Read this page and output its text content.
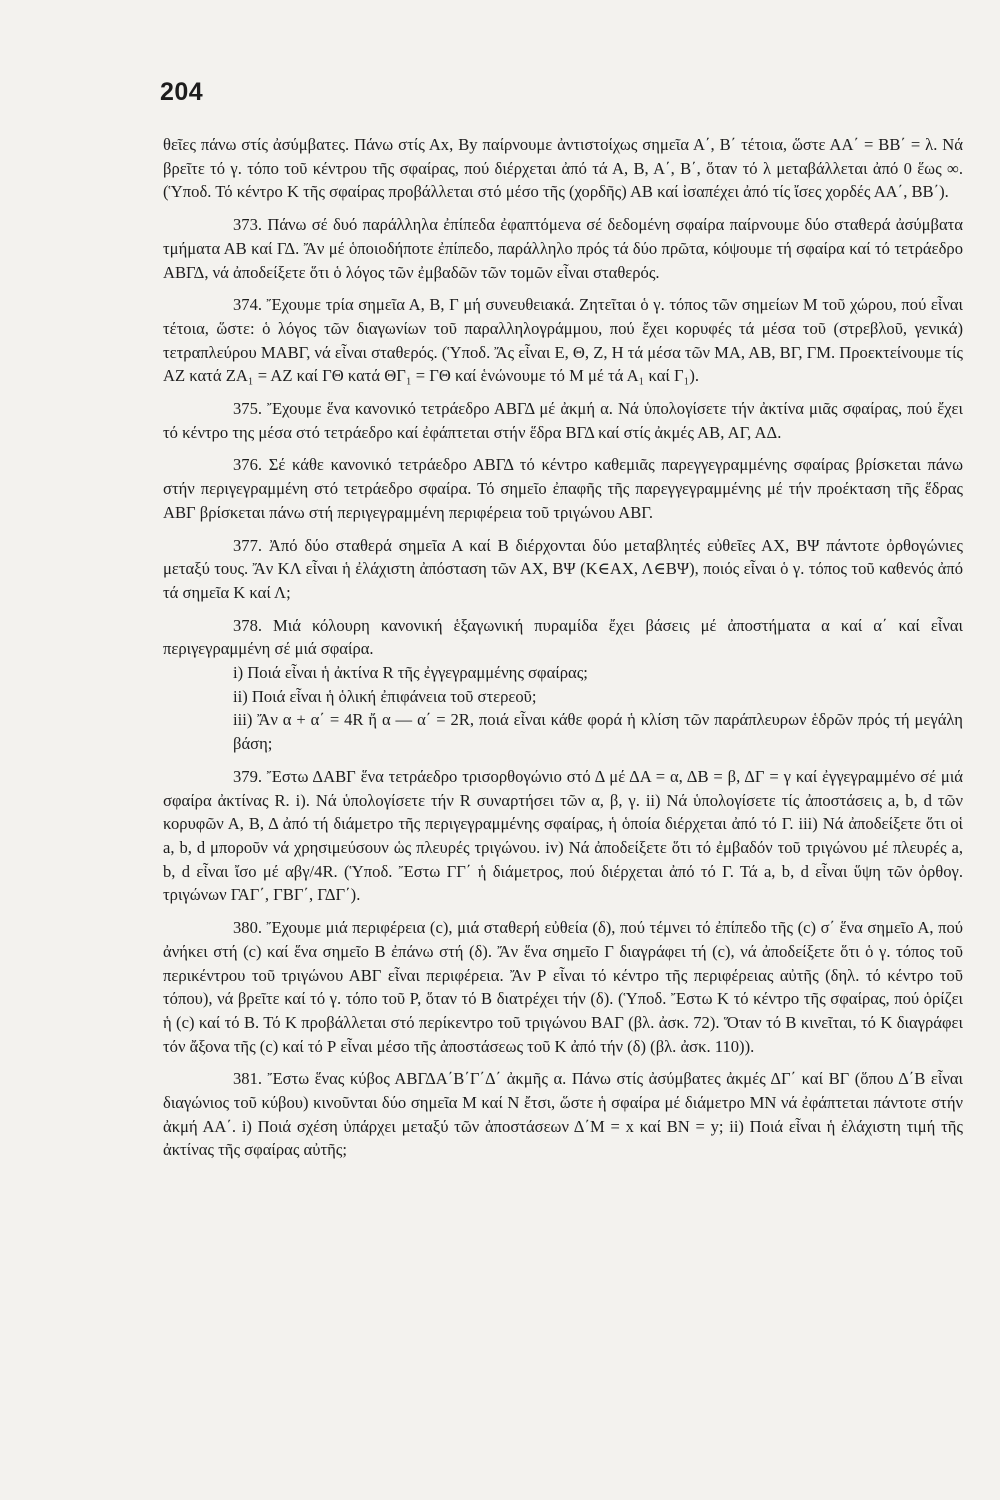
204

θεῖες πάνω στίς ἀσύμβατες. Πάνω στίς Αx, Βy παίρνουμε ἀντιστοίχως σημεῖα Α΄, Β΄ τέτοια, ὥστε ΑΑ΄ = ΒΒ΄ = λ. Νά βρεῖτε τό γ. τόπο τοῦ κέντρου τῆς σφαίρας, πού διέρχεται ἀπό τά Α, Β, Α΄, Β΄, ὅταν τό λ μεταβάλλεται ἀπό 0 ἕως ∞. (Ὑποδ. Τό κέντρο Κ τῆς σφαίρας προβάλλεται στό μέσο τῆς (χορδῆς) ΑΒ καί ἰσαπέχει ἀπό τίς ἴσες χορδές ΑΑ΄, ΒΒ΄).

373. Πάνω σέ δυό παράλληλα ἐπίπεδα ἐφαπτόμενα σέ δεδομένη σφαίρα παίρνουμε δύο σταθερά ἀσύμβατα τμήματα ΑΒ καί ΓΔ. Ἄν μέ ὁποιοδήποτε ἐπίπεδο, παράλληλο πρός τά δύο πρῶτα, κόψουμε τή σφαίρα καί τό τετράεδρο ΑΒΓΔ, νά ἀποδείξετε ὅτι ὁ λόγος τῶν ἐμβαδῶν τῶν τομῶν εἶναι σταθερός.

374. Ἔχουμε τρία σημεῖα Α, Β, Γ μή συνευθειακά. Ζητεῖται ὁ γ. τόπος τῶν σημείων Μ τοῦ χώρου, πού εἶναι τέτοια, ὥστε: ὁ λόγος τῶν διαγωνίων τοῦ παραλληλογράμμου, πού ἔχει κορυφές τά μέσα τοῦ (στρεβλοῦ, γενικά) τετραπλεύρου ΜΑΒΓ, νά εἶναι σταθερός. (Ὑποδ. Ἄς εἶναι Ε, Θ, Ζ, Η τά μέσα τῶν ΜΑ, ΑΒ, ΒΓ, ΓΜ. Προεκτείνουμε τίς ΑΖ κατά ΖΑ₁ = ΑΖ καί ΓΘ κατά ΘΓ₁ = ΓΘ καί ἑνώνουμε τό Μ μέ τά Α₁ καί Γ₁).

375. Ἔχουμε ἕνα κανονικό τετράεδρο ΑΒΓΔ μέ ἀκμή α. Νά ὑπολογίσετε τήν ἀκτίνα μιᾶς σφαίρας, πού ἔχει τό κέντρο της μέσα στό τετράεδρο καί ἐφάπτεται στήν ἕδρα ΒΓΔ καί στίς ἀκμές ΑΒ, ΑΓ, ΑΔ.

376. Σέ κάθε κανονικό τετράεδρο ΑΒΓΔ τό κέντρο καθεμιᾶς παρεγγεγραμμένης σφαίρας βρίσκεται πάνω στήν περιγεγραμμένη στό τετράεδρο σφαίρα. Τό σημεῖο ἐπαφῆς τῆς παρεγγεγραμμένης μέ τήν προέκταση τῆς ἕδρας ΑΒΓ βρίσκεται πάνω στή περιγεγραμμένη περιφέρεια τοῦ τριγώνου ΑΒΓ.

377. Ἀπό δύο σταθερά σημεῖα Α καί Β διέρχονται δύο μεταβλητές εὐθεῖες ΑΧ, ΒΨ πάντοτε ὀρθογώνιες μεταξύ τους. Ἄν ΚΛ εἶναι ἡ ἐλάχιστη ἀπόσταση τῶν ΑΧ, ΒΨ (Κ∈ΑΧ, Λ∈ΒΨ), ποιός εἶναι ὁ γ. τόπος τοῦ καθενός ἀπό τά σημεῖα Κ καί Λ;

378. Μιά κόλουρη κανονική ἑξαγωνική πυραμίδα ἔχει βάσεις μέ ἀποστήματα α καί α΄ καί εἶναι περιγεγραμμένη σέ μιά σφαίρα.

i) Ποιά εἶναι ἡ ἀκτίνα R τῆς ἐγγεγραμμένης σφαίρας;
ii) Ποιά εἶναι ἡ ὁλική ἐπιφάνεια τοῦ στερεοῦ;
iii) Ἄν α + α΄ = 4R ἤ α — α΄ = 2R, ποιά εἶναι κάθε φορά ἡ κλίση τῶν παράπλευρων ἑδρῶν πρός τή μεγάλη βάση;

379. Ἔστω ΔΑΒΓ ἕνα τετράεδρο τρισορθογώνιο στό Δ μέ ΔΑ = α, ΔΒ = β, ΔΓ = γ καί ἐγγεγραμμένο σέ μιά σφαίρα ἀκτίνας R. i). Νά ὑπολογίσετε τήν R συναρτήσει τῶν α, β, γ. ii) Νά ὑπολογίσετε τίς ἀποστάσεις a, b, d τῶν κορυφῶν Α, Β, Δ ἀπό τή διάμετρο τῆς περιγεγραμμένης σφαίρας, ἡ ὁποία διέρχεται ἀπό τό Γ. iii) Νά ἀποδείξετε ὅτι οἱ a, b, d μποροῦν νά χρησιμεύσουν ὡς πλευρές τριγώνου. iv) Νά ἀποδείξετε ὅτι τό ἐμβαδόν τοῦ τριγώνου μέ πλευρές a, b, d εἶναι ἴσο μέ αβγ/4R. (Ὑποδ. Ἔστω ΓΓ΄ ἡ διάμετρος, πού διέρχεται ἀπό τό Γ. Τά a, b, d εἶναι ὕψη τῶν ὀρθογ. τριγώνων ΓΑΓ΄, ΓΒΓ΄, ΓΔΓ΄).

380. Ἔχουμε μιά περιφέρεια (c), μιά σταθερή εὐθεία (δ), πού τέμνει τό ἐπίπεδο τῆς (c) σ΄ ἕνα σημεῖο Α, πού ἀνήκει στή (c) καί ἕνα σημεῖο Β ἐπάνω στή (δ). Ἄν ἕνα σημεῖο Γ διαγράφει τή (c), νά ἀποδείξετε ὅτι ὁ γ. τόπος τοῦ περικέντρου τοῦ τριγώνου ΑΒΓ εἶναι περιφέρεια. Ἄν Ρ εἶναι τό κέντρο τῆς περιφέρειας αὐτῆς (δηλ. τό κέντρο τοῦ τόπου), νά βρεῖτε καί τό γ. τόπο τοῦ Ρ, ὅταν τό Β διατρέχει τήν (δ). (Ὑποδ. Ἔστω Κ τό κέντρο τῆς σφαίρας, πού ὁρίζει ἡ (c) καί τό Β. Τό Κ προβάλλεται στό περίκεντρο τοῦ τριγώνου ΒΑΓ (βλ. ἀσκ. 72). Ὅταν τό Β κινεῖται, τό Κ διαγράφει τόν ἄξονα τῆς (c) καί τό Ρ εἶναι μέσο τῆς ἀποστάσεως τοῦ Κ ἀπό τήν (δ) (βλ. ἀσκ. 110)).

381. Ἔστω ἕνας κύβος ΑΒΓΔΑ΄Β΄Γ΄Δ΄ ἀκμῆς α. Πάνω στίς ἀσύμβατες ἀκμές ΔΓ΄ καί ΒΓ (ὅπου Δ΄Β εἶναι διαγώνιος τοῦ κύβου) κινοῦνται δύο σημεῖα Μ καί Ν ἔτσι, ὥστε ἡ σφαίρα μέ διάμετρο ΜΝ νά ἐφάπτεται πάντοτε στήν ἀκμή ΑΑ΄. i) Ποιά σχέση ὑπάρχει μεταξύ τῶν ἀποστάσεων Δ΄Μ = x καί ΒΝ = y; ii) Ποιά εἶναι ἡ ἐλάχιστη τιμή τῆς ἀκτίνας τῆς σφαίρας αὐτῆς;
